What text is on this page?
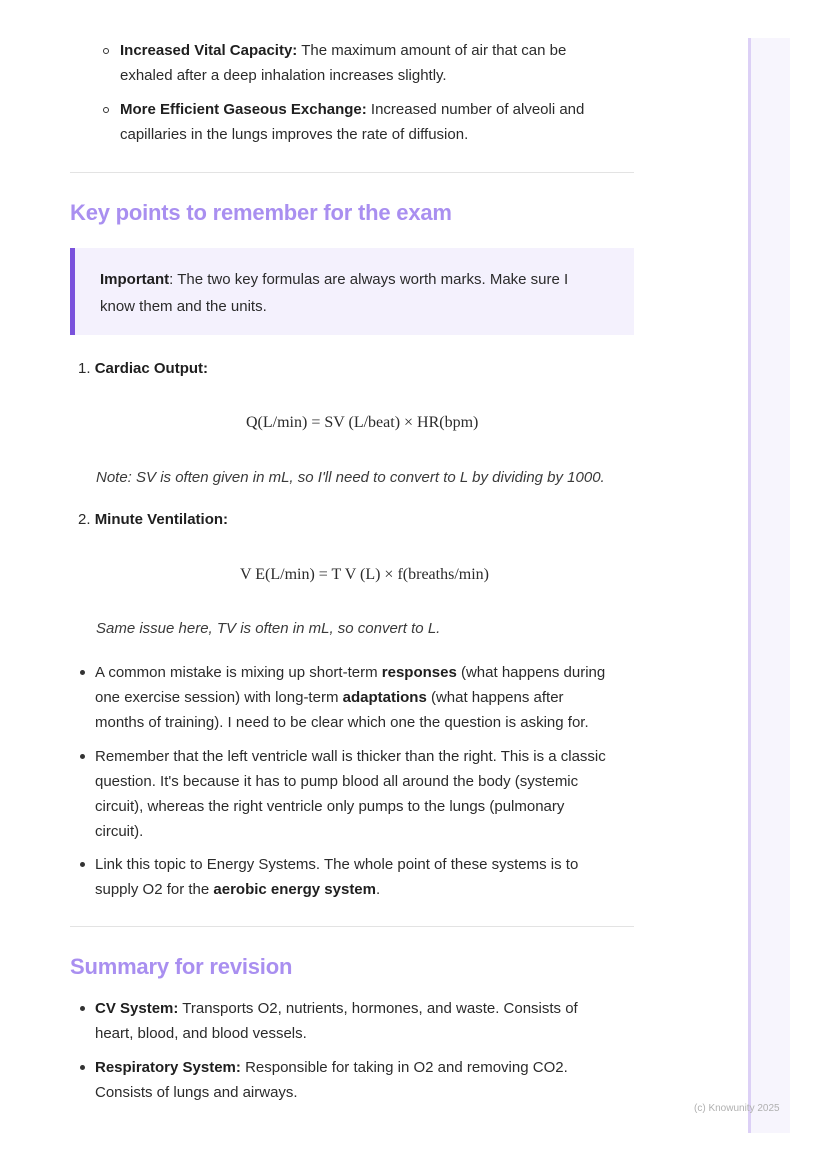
Increased Vital Capacity: The maximum amount of air that can be
exhaled after a deep inhalation increases slightly.
More Efficient Gaseous Exchange: Increased number of alveoli and
capillaries in the lungs improves the rate of diffusion.
Key points to remember for the exam
Important: The two key formulas are always worth marks. Make sure I
know them and the units.
1. Cardiac Output:
Q(L/min) = SV (L/beat) × HR(bpm)
Note: SV is often given in mL, so I'll need to convert to L by dividing by 1000.
2. Minute Ventilation:
V E(L/min) = T V (L) × f(breaths/min)
Same issue here, TV is often in mL, so convert to L.
A common mistake is mixing up short-term responses (what happens during
one exercise session) with long-term adaptations (what happens after
months of training). I need to be clear which one the question is asking for.
Remember that the left ventricle wall is thicker than the right. This is a classic
question. It's because it has to pump blood all around the body (systemic
circuit), whereas the right ventricle only pumps to the lungs (pulmonary
circuit).
Link this topic to Energy Systems. The whole point of these systems is to
supply O2 for the aerobic energy system.
Summary for revision
CV System: Transports O2, nutrients, hormones, and waste. Consists of
heart, blood, and blood vessels.
Respiratory System: Responsible for taking in O2 and removing CO2.
Consists of lungs and airways.
(c) Knowunity 2025
